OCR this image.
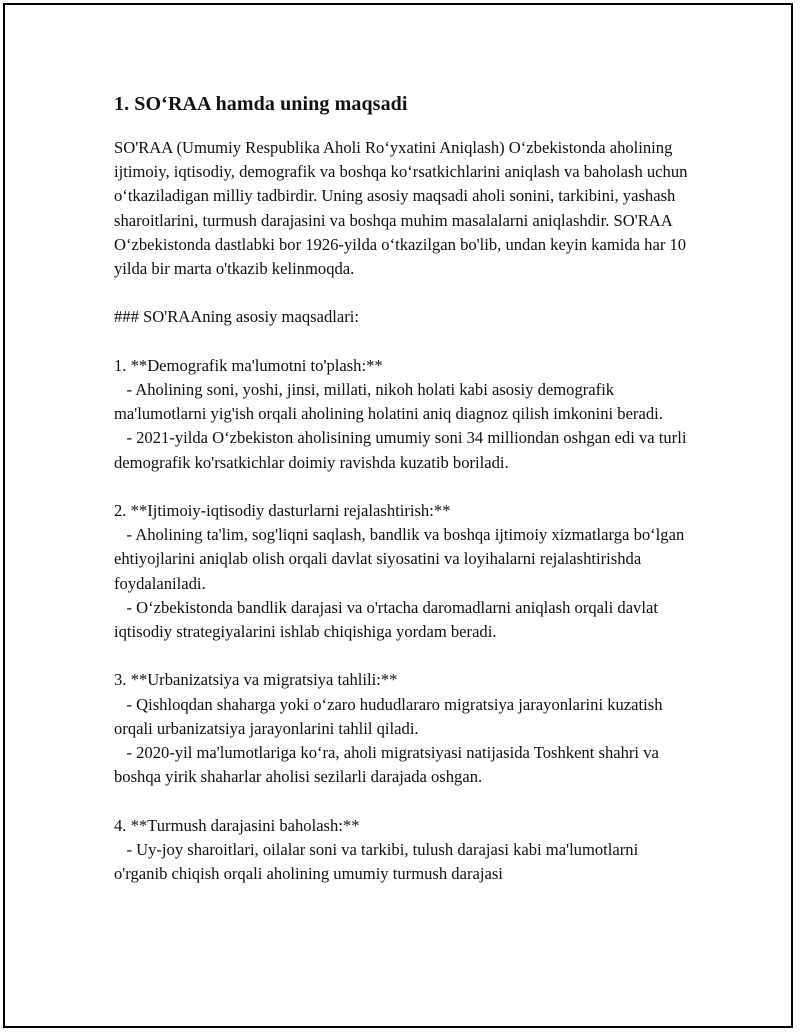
1. SO‘RAA hamda uning maqsadi

SO'RAA (Umumiy Respublika Aholi Ro‘yxatini Aniqlash) O‘zbekistonda aholining ijtimoiy, iqtisodiy, demografik va boshqa ko‘rsatkichlarini aniqlash va baholash uchun o‘tkaziladigan milliy tadbirdir. Uning asosiy maqsadi aholi sonini, tarkibini, yashash sharoitlarini, turmush darajasini va boshqa muhim masalalarni aniqlashdir. SO'RAA O‘zbekistonda dastlabki bor 1926-yilda o‘tkazilgan bo'lib, undan keyin kamida har 10 yilda bir marta o'tkazib kelinmoqda.

### SO'RAAning asosiy maqsadlari:

1. **Demografik ma'lumotni to'plash:**

- Aholining soni, yoshi, jinsi, millati, nikoh holati kabi asosiy demografik ma'lumotlarni yig'ish orqali aholining holatini aniq diagnoz qilish imkonini beradi.
- 2021-yilda O‘zbekiston aholisining umumiy soni 34 milliondan oshgan edi va turli demografik ko'rsatkichlar doimiy ravishda kuzatib boriladi.

2. **Ijtimoiy-iqtisodiy dasturlarni rejalashtirish:**

- Aholining ta'lim, sog'liqni saqlash, bandlik va boshqa ijtimoiy xizmatlarga bo‘lgan ehtiyojlarini aniqlab olish orqali davlat siyosatini va loyihalarni rejalashtirishda foydalaniladi.
- O‘zbekistonda bandlik darajasi va o'rtacha daromadlarni aniqlash orqali davlat iqtisodiy strategiyalarini ishlab chiqishiga yordam beradi.

3. **Urbanizatsiya va migratsiya tahlili:**

- Qishloqdan shaharga yoki o‘zaro hududlararo migratsiya jarayonlarini kuzatish orqali urbanizatsiya jarayonlarini tahlil qiladi.
- 2020-yil ma'lumotlariga ko‘ra, aholi migratsiyasi natijasida Toshkent shahri va boshqa yirik shaharlar aholisi sezilarli darajada oshgan.

4. **Turmush darajasini baholash:**

- Uy-joy sharoitlari, oilalar soni va tarkibi, tulush darajasi kabi ma'lumotlarni o'rganib chiqish orqali aholining umumiy turmush darajasi
